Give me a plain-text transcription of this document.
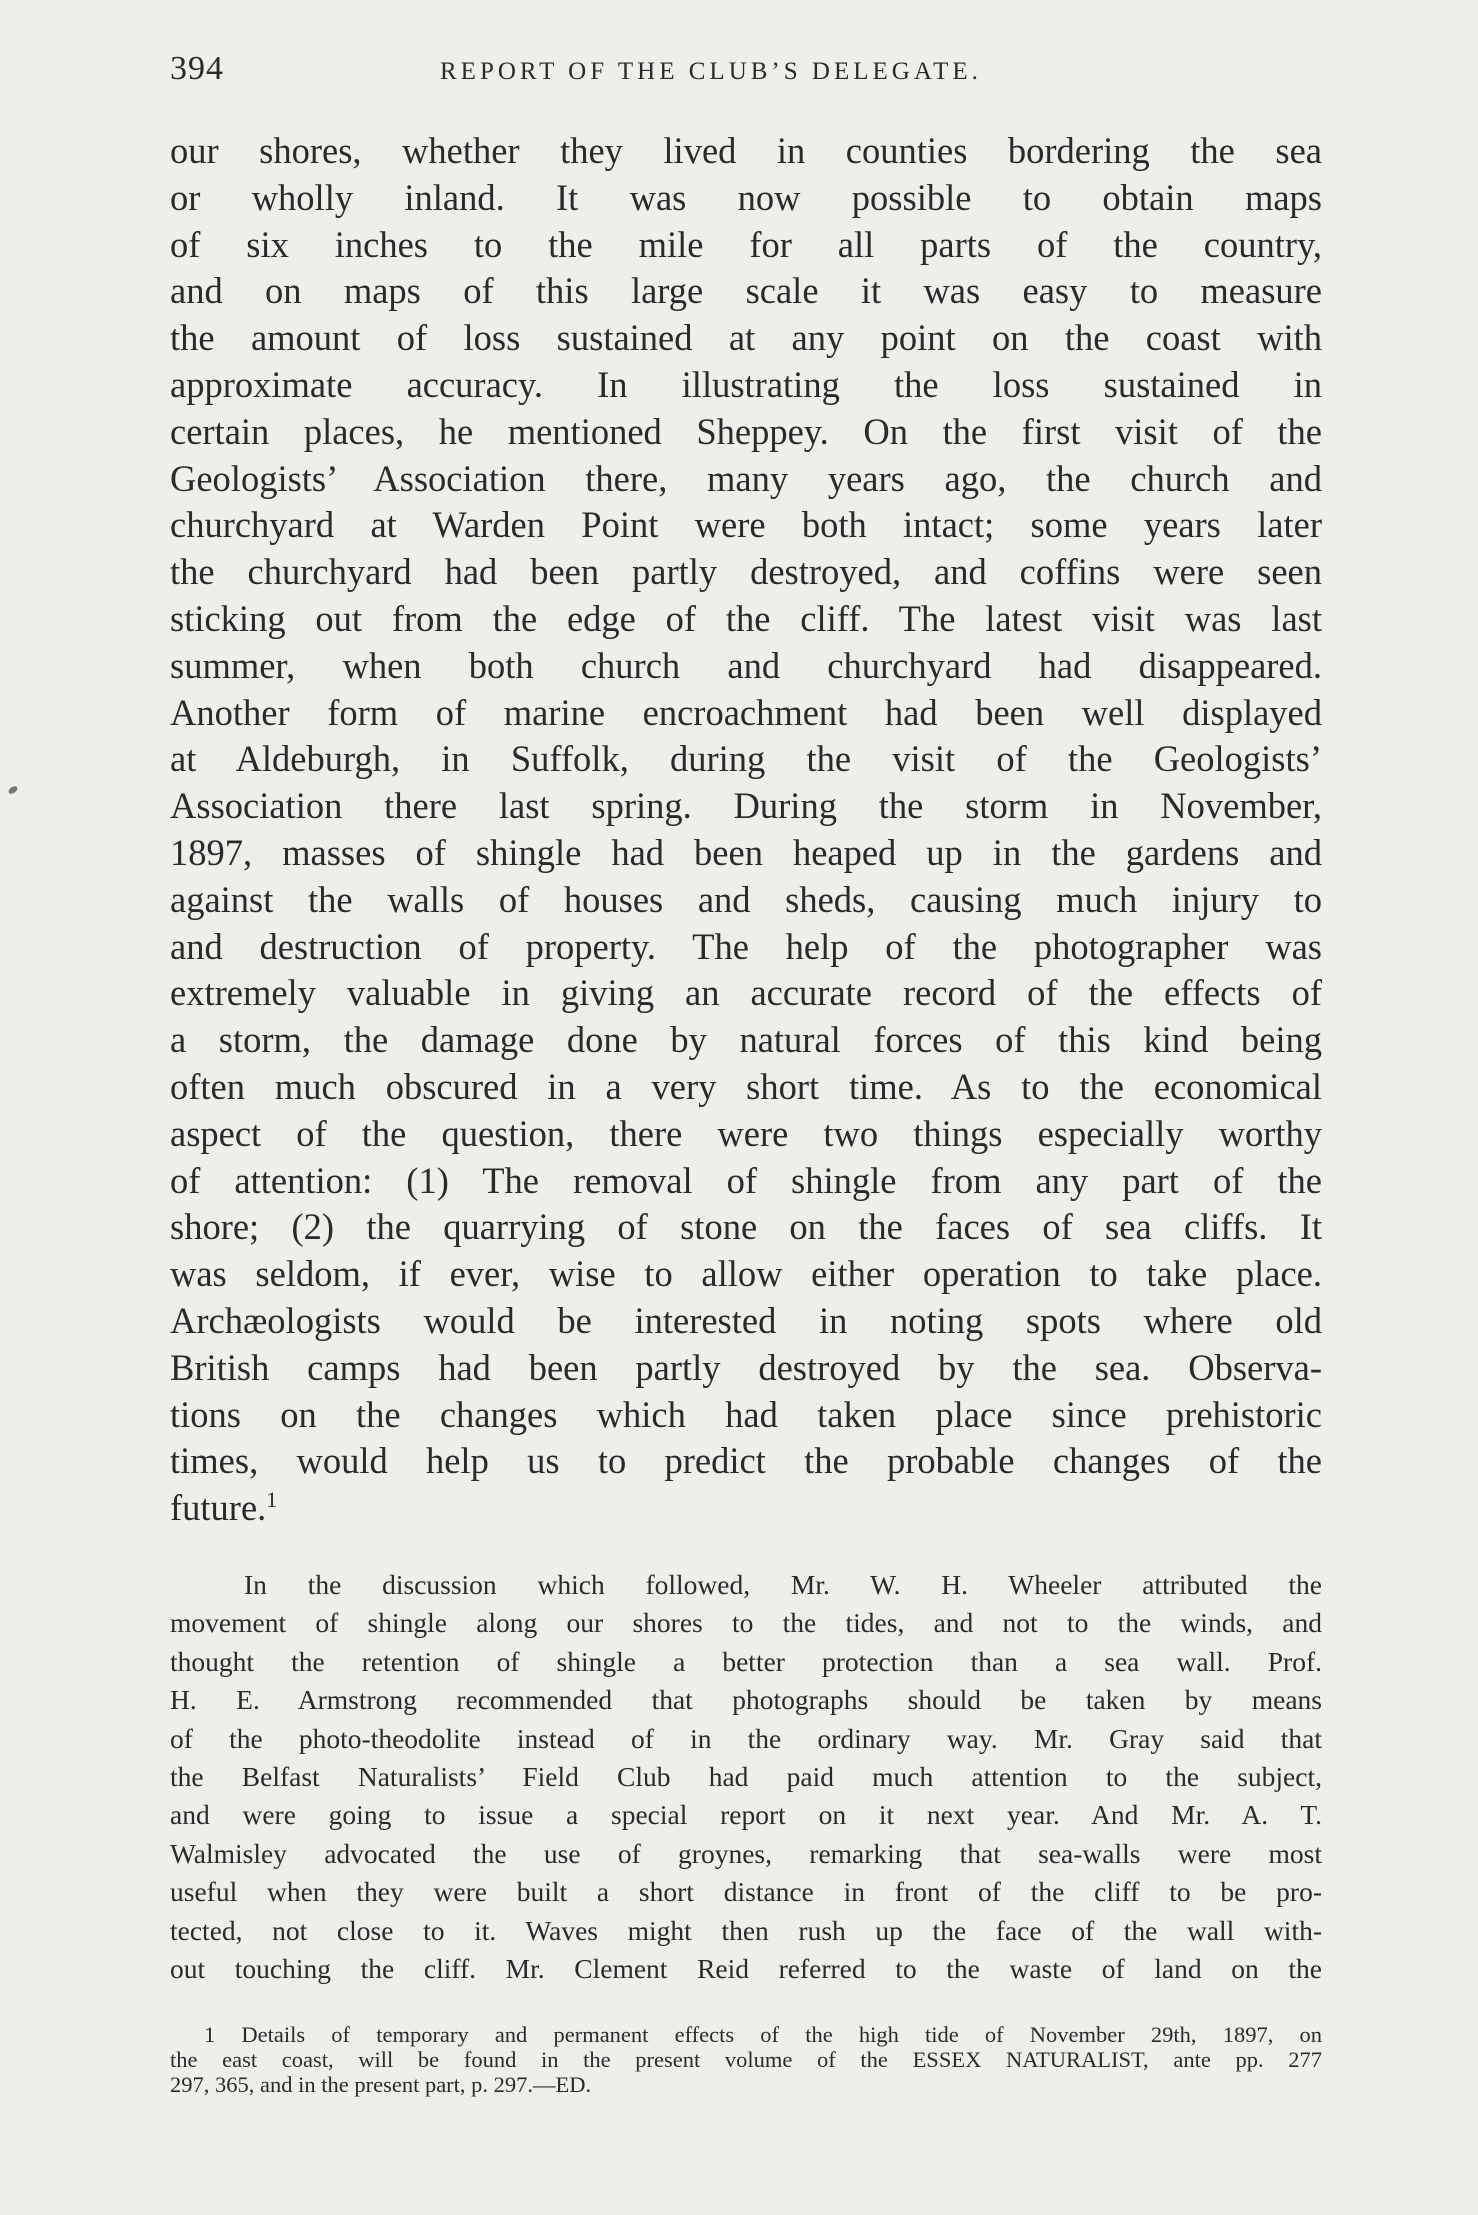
394	REPORT OF THE CLUB’S DELEGATE.
our shores, whether they lived in counties bordering the sea
or wholly inland. It was now possible to obtain maps
of six inches to the mile for all parts of the country,
and on maps of this large scale it was easy to measure
the amount of loss sustained at any point on the coast with
approximate accuracy. In illustrating the loss sustained in
certain places, he mentioned Sheppey. On the first visit of the
Geologists’ Association there, many years ago, the church and
churchyard at Warden Point were both intact; some years later
the churchyard had been partly destroyed, and coffins were seen
sticking out from the edge of the cliff. The latest visit was last
summer, when both church and churchyard had disappeared.
Another form of marine encroachment had been well displayed
at Aldeburgh, in Suffolk, during the visit of the Geologists’
Association there last spring. During the storm in November,
1897, masses of shingle had been heaped up in the gardens and
against the walls of houses and sheds, causing much injury to
and destruction of property. The help of the photographer was
extremely valuable in giving an accurate record of the effects of
a storm, the damage done by natural forces of this kind being
often much obscured in a very short time. As to the economical
aspect of the question, there were two things especially worthy
of attention: (1) The removal of shingle from any part of the
shore; (2) the quarrying of stone on the faces of sea cliffs. It
was seldom, if ever, wise to allow either operation to take place.
Archæologists would be interested in noting spots where old
British camps had been partly destroyed by the sea. Observa-
tions on the changes which had taken place since prehistoric
times, would help us to predict the probable changes of the
future.$^1$
In the discussion which followed, Mr. W. H. Wheeler attributed the
movement of shingle along our shores to the tides, and not to the winds, and
thought the retention of shingle a better protection than a sea wall. Prof.
H. E. Armstrong recommended that photographs should be taken by means
of the photo-theodolite instead of in the ordinary way. Mr. Gray said that
the Belfast Naturalists’ Field Club had paid much attention to the subject,
and were going to issue a special report on it next year. And Mr. A. T.
Walmisley advocated the use of groynes, remarking that sea-walls were most
useful when they were built a short distance in front of the cliff to be pro-
tected, not close to it. Waves might then rush up the face of the wall with-
out touching the cliff. Mr. Clement Reid referred to the waste of land on the
1 Details of temporary and permanent effects of the high tide of November 29th, 1897, on
the east coast, will be found in the present volume of the ESSEX NATURALIST, ante pp. 277
297, 365, and in the present part, p. 297.—ED.
